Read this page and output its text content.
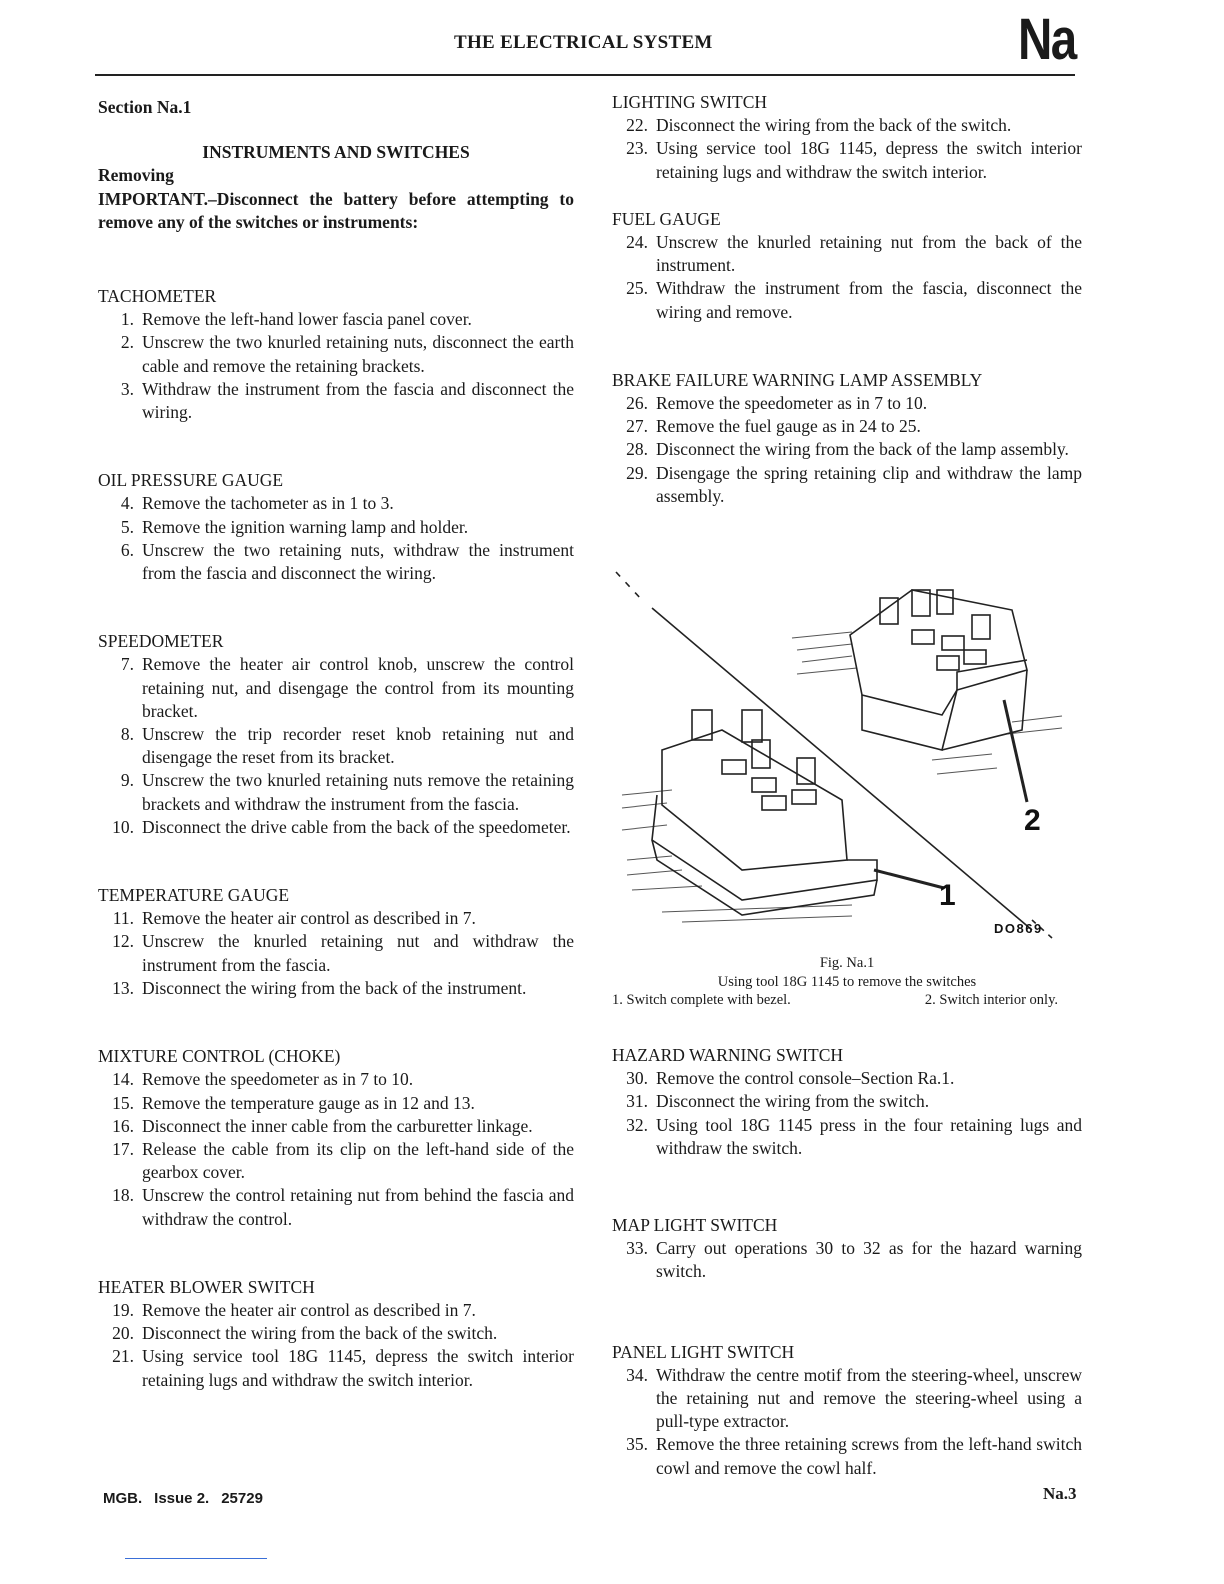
THE ELECTRICAL SYSTEM	Na
Section Na.1
INSTRUMENTS AND SWITCHES
Removing
IMPORTANT.–Disconnect the battery before attempting to remove any of the switches or instruments:
TACHOMETER
1. Remove the left-hand lower fascia panel cover.
2. Unscrew the two knurled retaining nuts, disconnect the earth cable and remove the retaining brackets.
3. Withdraw the instrument from the fascia and disconnect the wiring.
OIL PRESSURE GAUGE
4. Remove the tachometer as in 1 to 3.
5. Remove the ignition warning lamp and holder.
6. Unscrew the two retaining nuts, withdraw the instrument from the fascia and disconnect the wiring.
SPEEDOMETER
7. Remove the heater air control knob, unscrew the control retaining nut, and disengage the control from its mounting bracket.
8. Unscrew the trip recorder reset knob retaining nut and disengage the reset from its bracket.
9. Unscrew the two knurled retaining nuts remove the retaining brackets and withdraw the instrument from the fascia.
10. Disconnect the drive cable from the back of the speedometer.
TEMPERATURE GAUGE
11. Remove the heater air control as described in 7.
12. Unscrew the knurled retaining nut and withdraw the instrument from the fascia.
13. Disconnect the wiring from the back of the instrument.
MIXTURE CONTROL (CHOKE)
14. Remove the speedometer as in 7 to 10.
15. Remove the temperature gauge as in 12 and 13.
16. Disconnect the inner cable from the carburetter linkage.
17. Release the cable from its clip on the left-hand side of the gearbox cover.
18. Unscrew the control retaining nut from behind the fascia and withdraw the control.
HEATER BLOWER SWITCH
19. Remove the heater air control as described in 7.
20. Disconnect the wiring from the back of the switch.
21. Using service tool 18G 1145, depress the switch interior retaining lugs and withdraw the switch interior.
LIGHTING SWITCH
22. Disconnect the wiring from the back of the switch.
23. Using service tool 18G 1145, depress the switch interior retaining lugs and withdraw the switch interior.
FUEL GAUGE
24. Unscrew the knurled retaining nut from the back of the instrument.
25. Withdraw the instrument from the fascia, disconnect the wiring and remove.
BRAKE FAILURE WARNING LAMP ASSEMBLY
26. Remove the speedometer as in 7 to 10.
27. Remove the fuel gauge as in 24 to 25.
28. Disconnect the wiring from the back of the lamp assembly.
29. Disengage the spring retaining clip and withdraw the lamp assembly.
1
2
DO869
Fig. Na.1
Using tool 18G 1145 to remove the switches
1. Switch complete with bezel.	2. Switch interior only.
HAZARD WARNING SWITCH
30. Remove the control console–Section Ra.1.
31. Disconnect the wiring from the switch.
32. Using tool 18G 1145 press in the four retaining lugs and withdraw the switch.
MAP LIGHT SWITCH
33. Carry out operations 30 to 32 as for the hazard warning switch.
PANEL LIGHT SWITCH
34. Withdraw the centre motif from the steering-wheel, unscrew the retaining nut and remove the steering-wheel using a pull-type extractor.
35. Remove the three retaining screws from the left-hand switch cowl and remove the cowl half.
MGB. Issue 2. 25729	Na.3
